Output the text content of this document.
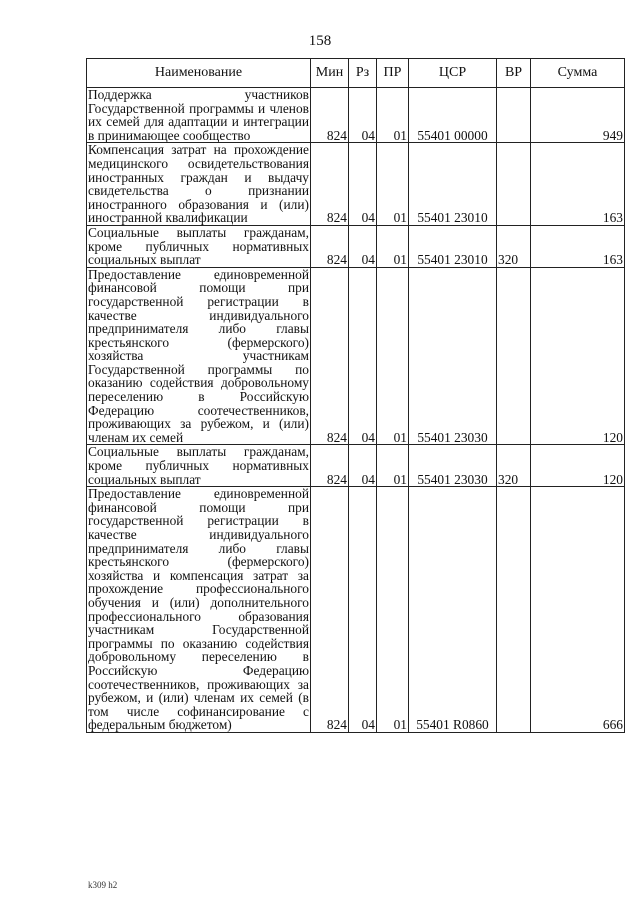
158
Наименование	Мин	Рз	ПР	ЦСР	ВР	Сумма
Поддержка участников Государственной программы и членов их семей для адаптации и интеграции в принимающее сообщество	824	04	01	55401 00000		949
Компенсация затрат на прохождение медицинского освидетельствования иностранных граждан и выдачу свидетельства о признании иностранного образования и (или) иностранной квалификации	824	04	01	55401 23010		163
Социальные выплаты гражданам, кроме публичных нормативных социальных выплат	824	04	01	55401 23010	320	163
Предоставление единовременной финансовой помощи при государственной регистрации в качестве индивидуального предпринимателя либо главы крестьянского (фермерского) хозяйства участникам Государственной программы по оказанию содействия добровольному переселению в Российскую Федерацию соотечественников, проживающих за рубежом, и (или) членам их семей	824	04	01	55401 23030		120
Социальные выплаты гражданам, кроме публичных нормативных социальных выплат	824	04	01	55401 23030	320	120
Предоставление единовременной финансовой помощи при государственной регистрации в качестве индивидуального предпринимателя либо главы крестьянского (фермерского) хозяйства и компенсация затрат за прохождение профессионального обучения и (или) дополнительного профессионального образования участникам Государственной программы по оказанию содействия добровольному переселению в Российскую Федерацию соотечественников, проживающих за рубежом, и (или) членам их семей (в том числе софинансирование с федеральным бюджетом)	824	04	01	55401 R0860		666
k309 h2
